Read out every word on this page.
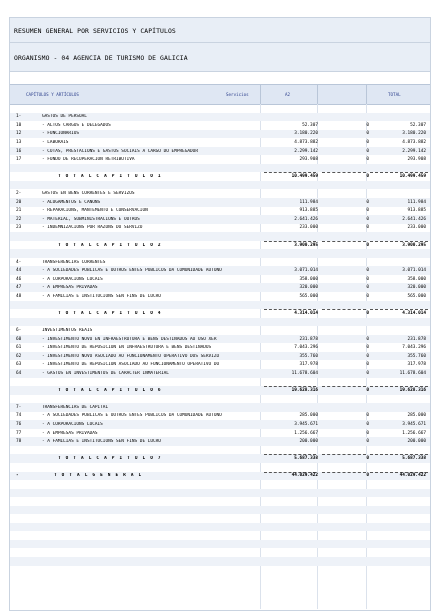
RESUMEN GENERAL POR SERVICIOS Y CAPÍTULOS
ORGANISMO - 04 AGENCIA DE TURISMO DE GALICIA
CAPÍTULOS Y ARTÍCULOS	Servicios	A2	TOTAL
1-	GASTOS DE PERSOAL
10	- ALTOS CARGOS E DELEGADOS	52.307	0	52.307
12	- FUNCIONARIOS	3.180.220	0	3.180.220
13	- LABORAIS	4.873.882	0	4.873.882
16	- COTAS, PRESTACIÓNS E GASTOS SOCIAIS A CARGO DO EMPREGADOR	2.299.142	0	2.299.142
17	- FONDO DE RECUPERACIÓN RETRIBUTIVA	293.908	0	293.908
T O T A L C A P Í T U L O 1	10.499.459	0	10.499.459
2-	GASTOS EN BENS CORRENTES E SERVIZOS
20	- ALUGAMENTOS E CANONS	111.984	0	111.984
21	- REPARACIÓNS, MANTEMENTO E CONSERVACIÓN	913.885	0	913.885
22	- MATERIAL, SUBMINISTRACIÓNS E OUTROS	2.641.426	0	2.641.426
23	- INDEMNIZACIÓNS POR RAZÓNS DO SERVIZO	233.000	0	233.000
T O T A L C A P Í T U L O 2	3.900.295	0	3.900.295
4-	TRANSFERENCIAS CORRENTES
44	- A SOCIEDADES PÚBLICAS E OUTROS ENTES PÚBLICOS DA COMUNIDADE AUTÓNO	3.071.014	0	3.071.014
46	- A CORPORACIÓNS LOCAIS	358.000	0	358.000
47	- A EMPRESAS PRIVADAS	320.000	0	320.000
48	- A FAMILIAS E INSTITUCIÓNS SEN FINS DE LUCRO	565.000	0	565.000
T O T A L C A P Í T U L O 4	4.314.014	0	4.314.014
6-	INVESTIMENTOS REAIS
60	- INVESTIMENTO NOVO EN INFRAESTRUTURA E BENS DESTINADOS AO USO XER	231.878	0	231.878
61	- INVESTIMENTO DE REPOSICIÓN EN INFRAESTRUTURA E BENS DESTINADOS	7.043.296	0	7.043.296
62	- INVESTIMENTO NOVO ASOCIADO AO FUNCIONAMENTO OPERATIVO DOS SERVIZO	355.760	0	355.760
63	- INVESTIMENTO DE REPOSICIÓN ASOCIADO AO FUNCIONAMENTO OPERATIVO DO	317.978	0	317.978
64	- GASTOS EN INVESTIMENTOS DE CARÁCTER INMATERIAL	11.678.604	0	11.678.604
T O T A L C A P Í T U L O 6	19.628.316	0	19.628.316
7-	TRANSFERENCIAS DE CAPITAL
74	- A SOCIEDADES PÚBLICAS E OUTROS ENTES PÚBLICOS DA COMUNIDADE AUTÓNO	285.000	0	285.000
76	- A CORPORACIÓNS LOCAIS	3.945.671	0	3.945.671
77	- A EMPRESAS PRIVADAS	1.256.667	0	1.256.667
78	- A FAMILIAS E INSTITUCIÓNS SEN FINS DE LUCRO	200.000	0	200.000
T O T A L C A P Í T U L O 7	5.687.338	0	5.687.338
-	T O T A L G E N E R A L	44.029.422	0	44.029.422
